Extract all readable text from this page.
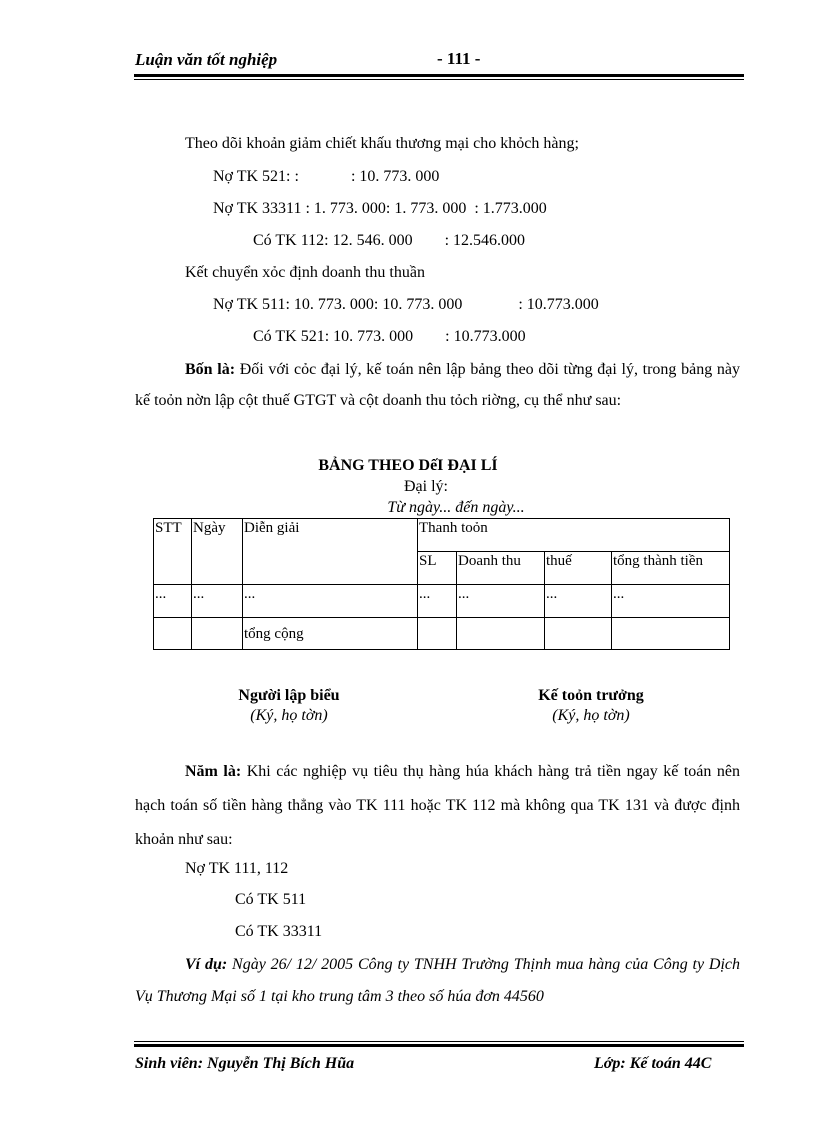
Luận văn tốt nghiệp	- 111 -
Theo dõi khoản giảm chiết khấu thương mại cho khỏch hàng;
Nợ TK 521: :             : 10. 773. 000
Nợ TK 33311 : 1. 773. 000: 1. 773. 000  : 1.773.000
Có TK 112: 12. 546. 000        : 12.546.000
Kết chuyển xỏc định doanh thu thuần
Nợ TK 511: 10. 773. 000: 10. 773. 000              : 10.773.000
Có TK 521: 10. 773. 000        : 10.773.000
Bốn là: Đối với cỏc đại lý, kế toán nên lập bảng theo dõi từng đại lý, trong bảng này kế toỏn nờn lập cột thuế GTGT và cột doanh thu tỏch riờng, cụ thể như sau:
BẢNG THEO DếI ĐẠI LÍ
Đại lý:
Từ ngày... đến ngày...
STT	Ngày	Diễn giải	Thanh toỏn			
			SL	Doanh thu	thuế	tổng thành tiền
...	...	...	...	...	...	...
		tổng cộng				
Người lập biểu
(Ký, họ tờn)
Kế toỏn trưởng
(Ký, họ tờn)
Năm là: Khi các nghiệp vụ tiêu thụ hàng húa khách hàng trả tiền ngay kế toán nên hạch toán số tiền hàng thẳng vào TK 111 hoặc TK 112 mà không qua TK 131 và được định khoản như sau:
Nợ TK 111, 112
Có TK 511
Có TK 33311
Ví dụ: Ngày 26/ 12/ 2005 Công ty TNHH Trường Thịnh mua hàng của Công ty Dịch Vụ Thương Mại số 1 tại kho trung tâm 3 theo số húa đơn 44560
Sinh viên: Nguyễn Thị Bích Hũa	Lớp: Kế toán 44C
